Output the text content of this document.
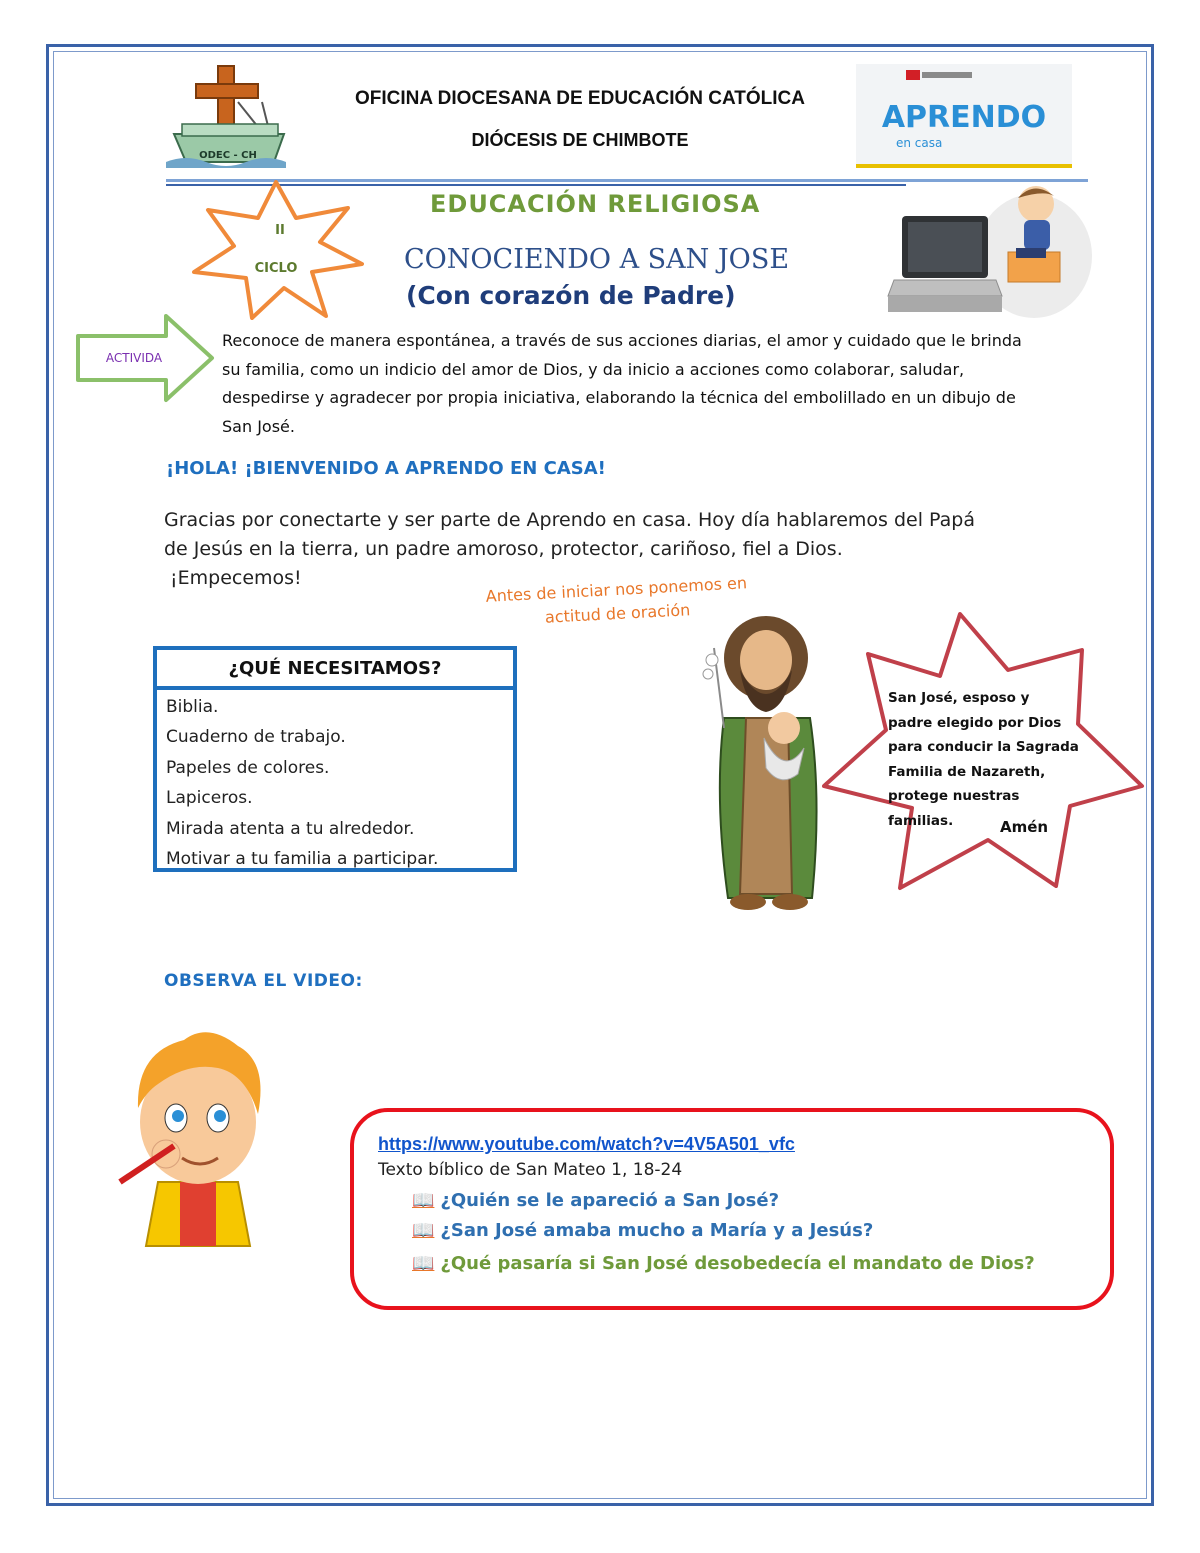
ODEC - CH
OFICINA DIOCESANA DE EDUCACIÓN CATÓLICA
DIÓCESIS DE CHIMBOTE
APRENDO
en casa
II
CICLO
EDUCACIÓN RELIGIOSA
CONOCIENDO A SAN JOSE
(Con corazón de Padre)
ACTIVIDA
Reconoce de manera espontánea, a través de sus acciones diarias, el amor y cuidado que le brinda su familia, como un indicio del amor de Dios, y da inicio a acciones como colaborar, saludar, despedirse y agradecer por propia iniciativa, elaborando la técnica del embolillado en un dibujo de San José.
¡HOLA! ¡BIENVENIDO A APRENDO EN CASA!
Gracias por conectarte y ser parte de Aprendo en casa. Hoy día hablaremos del Papá
de Jesús en la tierra, un padre amoroso, protector, cariñoso, fiel a Dios.
¡Empecemos!	Antes de iniciar nos ponemos en
actitud de oración
¿QUÉ NECESITAMOS?
Biblia.
Cuaderno de trabajo.
Papeles de colores.
Lapiceros.
Mirada atenta a tu alrededor.
Motivar a tu familia a participar.
San José, esposo y
padre elegido por Dios
para conducir la Sagrada
Familia de Nazareth,
protege nuestras
familias.	Amén
OBSERVA EL VIDEO:
https://www.youtube.com/watch?v=4V5A501_vfc
Texto bíblico de San Mateo 1, 18-24
📖 ¿Quién se le apareció a San José?
📖 ¿San José amaba mucho a María y a Jesús?
📖 ¿Qué pasaría si San José desobedecía el mandato de Dios?
